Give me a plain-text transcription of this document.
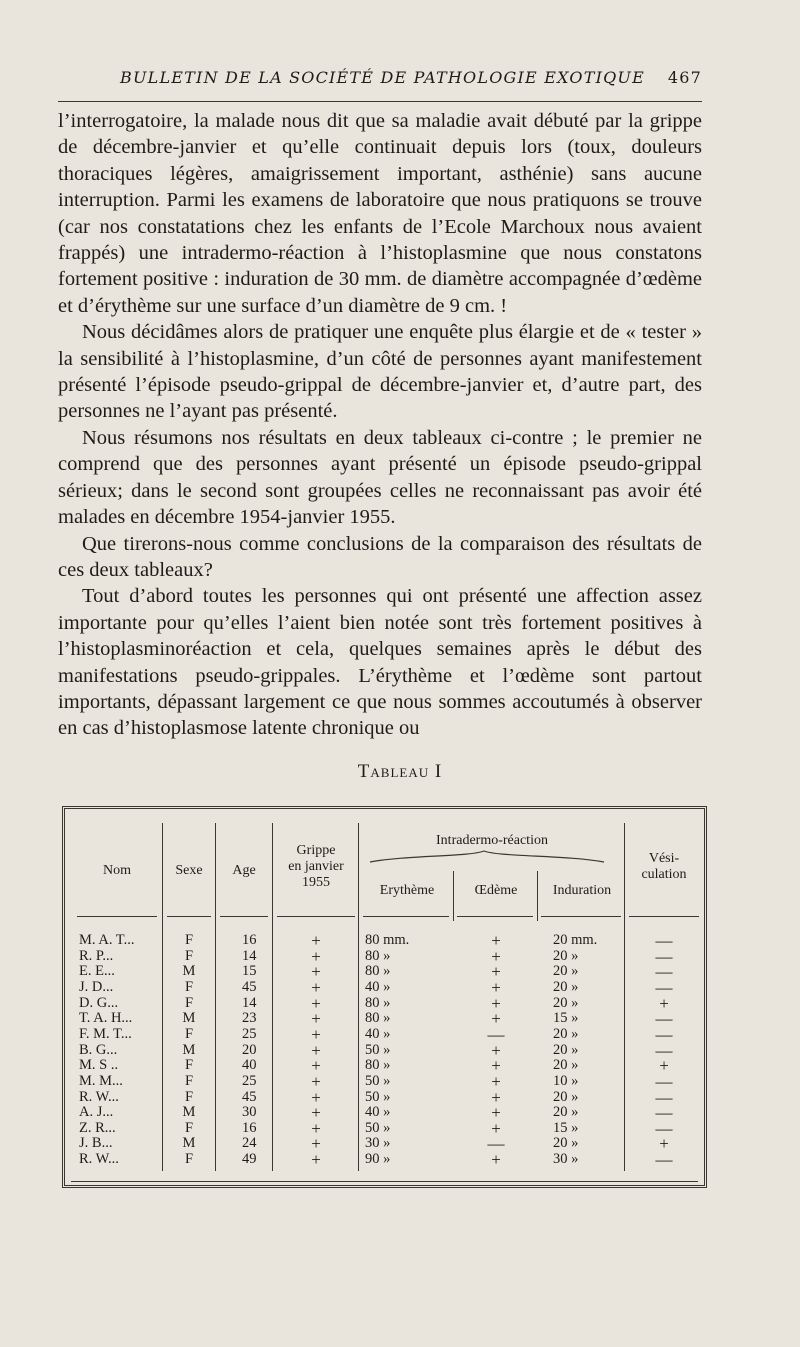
BULLETIN DE LA SOCIÉTÉ DE PATHOLOGIE EXOTIQUE 467

l’interrogatoire, la malade nous dit que sa maladie avait débuté par la grippe de décembre-janvier et qu’elle continuait depuis lors (toux, douleurs thoraciques légères, amaigrissement important, asthénie) sans aucune interruption. Parmi les examens de laboratoire que nous pratiquons se trouve (car nos constatations chez les enfants de l’Ecole Marchoux nous avaient frappés) une intradermo-réaction à l’histoplasmine que nous constatons fortement positive : induration de 30 mm. de diamètre accompagnée d’œdème et d’érythème sur une surface d’un diamètre de 9 cm. !

Nous décidâmes alors de pratiquer une enquête plus élargie et de « tester » la sensibilité à l’histoplasmine, d’un côté de personnes ayant manifestement présenté l’épisode pseudo-grippal de décembre-janvier et, d’autre part, des personnes ne l’ayant pas présenté.

Nous résumons nos résultats en deux tableaux ci-contre ; le premier ne comprend que des personnes ayant présenté un épisode pseudo-grippal sérieux; dans le second sont groupées celles ne reconnaissant pas avoir été malades en décembre 1954-janvier 1955.

Que tirerons-nous comme conclusions de la comparaison des résultats de ces deux tableaux?

Tout d’abord toutes les personnes qui ont présenté une affection assez importante pour qu’elles l’aient bien notée sont très fortement positives à l’histoplasminoréaction et cela, quelques semaines après le début des manifestations pseudo-grippales. L’érythème et l’œdème sont partout importants, dépassant largement ce que nous sommes accoutumés à observer en cas d’histoplasmose latente chronique ou

Tableau I
Nom	Sexe	Age
Grippe
en janvier
1955
Intradermo-réaction
Erythème	Œdème	Induration
Vési-
culation
M. A. T...	F	16	+	80 mm.	+	20 mm.	—
R. P...	F	14	+	80 »	+	20 »	—
E. E...	M	15	+	80 »	+	20 »	—
J. D...	F	45	+	40 »	+	20 »	—
D. G...	F	14	+	80 »	+	20 »	+
T. A. H...	M	23	+	80 »	+	15 »	—
F. M. T...	F	25	+	40 »	—	20 »	—
B. G...	M	20	+	50 »	+	20 »	—
M. S ..	F	40	+	80 »	+	20 »	+
M. M...	F	25	+	50 »	+	10 »	—
R. W...	F	45	+	50 »	+	20 »	—
A. J...	M	30	+	40 »	+	20 »	—
Z. R...	F	16	+	50 »	+	15 »	—
J. B...	M	24	+	30 »	—	20 »	+
R. W...	F	49	+	90 »	+	30 »	—
